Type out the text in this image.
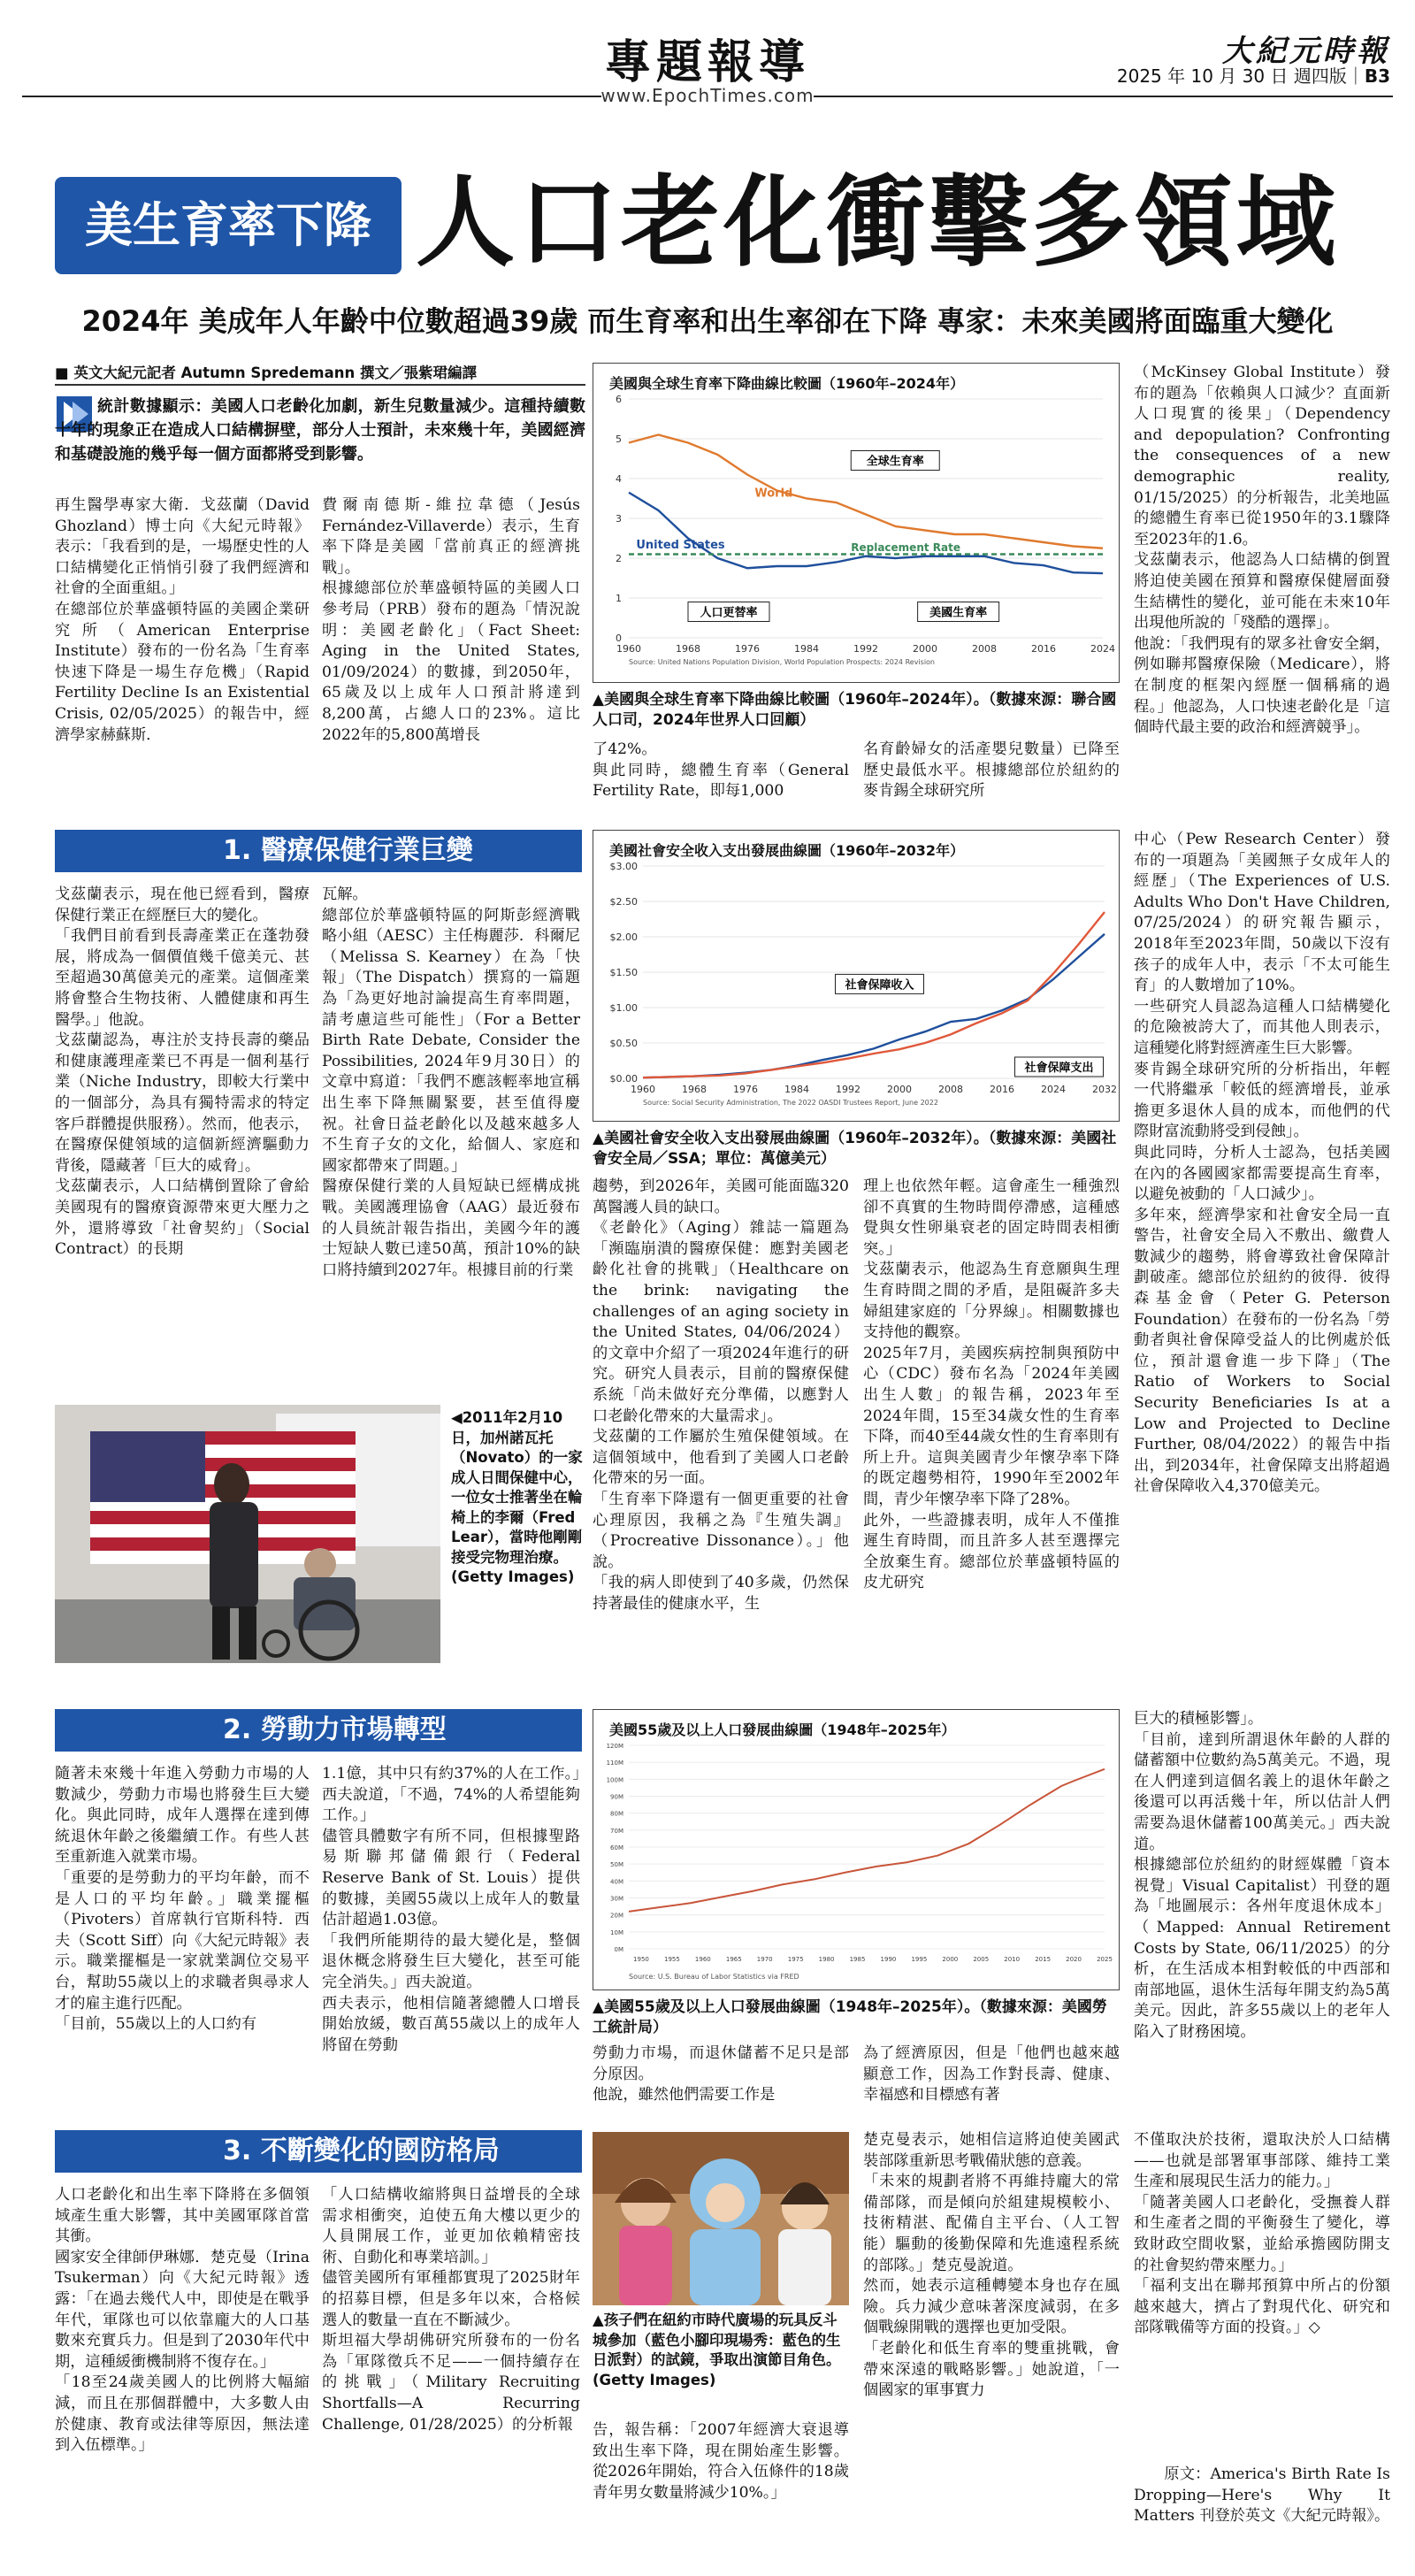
專題報導
www.EpochTimes.com
大紀元時報
2025 年 10 月 30 日 週四版｜B3
美生育率下降 人口老化衝擊多領域
2024年 美成年人年齡中位數超過39歲 而生育率和出生率卻在下降 專家：未來美國將面臨重大變化
■ 英文大紀元記者 Autumn Spredemann 撰文／張紫珺編譯
統計數據顯示：美國人口老齡化加劇，新生兒數量減少。這種持續數十年的現象正在造成人口結構摒壁，部分人士預計，未來幾十年，美國經濟和基礎設施的幾乎每一個方面都將受到影響。
再生醫學專家大衛．戈茲蘭（David Ghozland）博士向《大紀元時報》表示：「我看到的是，一場歷史性的人口結構變化正悄悄引發了我們經濟和社會的全面重組。」
在總部位於華盛頓特區的美國企業研究所（American Enterprise Institute）發布的一份名為「生育率快速下降是一場生存危機」（Rapid Fertility Decline Is an Existential Crisis, 02/05/2025）的報告中，經濟學家赫蘇斯．
費爾南德斯-維拉韋德（Jesús Fernández-Villaverde）表示，生育率下降是美國「當前真正的經濟挑戰」。
根據總部位於華盛頓特區的美國人口參考局（PRB）發布的題為「情況說明：美國老齡化」（Fact Sheet: Aging in the United States, 01/09/2024）的數據，到2050年，65歲及以上成年人口預計將達到8,200萬，占總人口的23%。這比2022年的5,800萬增長
美國與全球生育率下降曲線比較圖（1960年–2024年）
0
1
2
3
4
5
6
1960	1968	1976	1984	1992	2000	2008	2016	2024
World
United States	Replacement Rate
全球生育率
人口更替率	美國生育率
Source: United Nations Population Division, World Population Prospects: 2024 Revision
▲美國與全球生育率下降曲線比較圖（1960年–2024年）。（數據來源：聯合國人口司，2024年世界人口回顧）
了42%。
與此同時，總體生育率（General Fertility Rate，即每1,000
名育齡婦女的活產嬰兒數量）已降至歷史最低水平。根據總部位於紐約的麥肯錫全球研究所
（McKinsey Global Institute）發布的題為「依賴與人口減少？直面新人口現實的後果」（Dependency and depopulation? Confronting the consequences of a new demographic reality, 01/15/2025）的分析報告，北美地區的總體生育率已從1950年的3.1驟降至2023年的1.6。
戈茲蘭表示，他認為人口結構的倒置將迫使美國在預算和醫療保健層面發生結構性的變化，並可能在未來10年出現他所說的「殘酷的選擇」。
他說：「我們現有的眾多社會安全網，例如聯邦醫療保險（Medicare），將在制度的框架內經歷一個稱痛的過程。」他認為，人口快速老齡化是「這個時代最主要的政治和經濟競爭」。
1. 醫療保健行業巨變
戈茲蘭表示，現在他已經看到，醫療保健行業正在經歷巨大的變化。
「我們目前看到長壽產業正在蓬勃發展，將成為一個價值幾千億美元、甚至超過30萬億美元的產業。這個產業將會整合生物技術、人體健康和再生醫學。」他說。
戈茲蘭認為，專注於支持長壽的藥品和健康護理產業已不再是一個利基行業（Niche Industry，即較大行業中的一個部分，為具有獨特需求的特定客戶群體提供服務）。然而，他表示，在醫療保健領域的這個新經濟驅動力背後，隱藏著「巨大的威脅」。
戈茲蘭表示，人口結構倒置除了會給美國現有的醫療資源帶來更大壓力之外，還將導致「社會契約」（Social Contract）的長期
瓦解。
總部位於華盛頓特區的阿斯彭經濟戰略小組（AESC）主任梅麗莎．科爾尼（Melissa S. Kearney）在為「快報」（The Dispatch）撰寫的一篇題為「為更好地討論提高生育率問題，請考慮這些可能性」（For a Better Birth Rate Debate, Consider the Possibilities, 2024年9月30日）的文章中寫道：「我們不應該輕率地宣稱出生率下降無關緊要，甚至值得慶祝。社會日益老齡化以及越來越多人不生育子女的文化，給個人、家庭和國家都帶來了問題。」
醫療保健行業的人員短缺已經構成挑戰。美國護理協會（AAG）最近發布的人員統計報告指出，美國今年的護士短缺人數已達50萬，預計10%的缺口將持續到2027年。根據目前的行業
美國社會安全收入支出發展曲線圖（1960年–2032年）
$0.00
$0.50
$1.00
$1.50
$2.00
$2.50
$3.00
1960	1968	1976	1984	1992	2000	2008	2016	2024	2032
社會保障收入
社會保障支出
Source: Social Security Administration, The 2022 OASDI Trustees Report, June 2022
▲美國社會安全收入支出發展曲線圖（1960年–2032年）。（數據來源：美國社會安全局／SSA；單位：萬億美元）
趨勢，到2026年，美國可能面臨320萬醫護人員的缺口。
《老齡化》（Aging）雜誌一篇題為「瀕臨崩潰的醫療保健：應對美國老齡化社會的挑戰」（Healthcare on the brink: navigating the challenges of an aging society in the United States, 04/06/2024）的文章中介紹了一項2024年進行的研究。研究人員表示，目前的醫療保健系統「尚未做好充分準備，以應對人口老齡化帶來的大量需求」。
戈茲蘭的工作屬於生殖保健領域。在這個領域中，他看到了美國人口老齡化帶來的另一面。
「生育率下降還有一個更重要的社會心理原因，我稱之為『生殖失調』（Procreative Dissonance）。」他說。
「我的病人即使到了40多歲，仍然保持著最佳的健康水平，生
理上也依然年輕。這會產生一種強烈卻不真實的生物時間停滯感，這種感覺與女性卵巢衰老的固定時間表相衝突。」
戈茲蘭表示，他認為生育意願與生理生育時間之間的矛盾，是阻礙許多夫婦組建家庭的「分界線」。相關數據也支持他的觀察。
2025年7月，美國疾病控制與預防中心（CDC）發布名為「2024年美國出生人數」的報告稱，2023年至2024年間，15至34歲女性的生育率下降，而40至44歲女性的生育率則有所上升。這與美國青少年懷孕率下降的既定趨勢相符，1990年至2002年間，青少年懷孕率下降了28%。
此外，一些證據表明，成年人不僅推遲生育時間，而且許多人甚至選擇完全放棄生育。總部位於華盛頓特區的皮尤研究
中心（Pew Research Center）發布的一項題為「美國無子女成年人的經歷」（The Experiences of U.S. Adults Who Don't Have Children, 07/25/2024）的研究報告顯示，2018年至2023年間，50歲以下沒有孩子的成年人中，表示「不太可能生育」的人數增加了10%。
一些研究人員認為這種人口結構變化的危險被誇大了，而其他人則表示，這種變化將對經濟產生巨大影響。
麥肯錫全球研究所的分析指出，年輕一代將繼承「較低的經濟增長，並承擔更多退休人員的成本，而他們的代際財富流動將受到侵蝕」。
與此同時，分析人士認為，包括美國在內的各國國家都需要提高生育率，以避免被動的「人口減少」。
多年來，經濟學家和社會安全局一直警告，社會安全局入不敷出、繳費人數減少的趨勢，將會導致社會保障計劃破產。總部位於紐約的彼得．彼得森基金會（Peter G. Peterson Foundation）在發布的一份名為「勞動者與社會保障受益人的比例處於低位，預計還會進一步下降」（The Ratio of Workers to Social Security Beneficiaries Is at a Low and Projected to Decline Further, 08/04/2022）的報告中指出，到2034年，社會保障支出將超過社會保障收入4,370億美元。
◀2011年2月10日，加州諾瓦托（Novato）的一家成人日間保健中心，一位女士推著坐在輪椅上的李爾（Fred Lear），當時他剛剛接受完物理治療。(Getty Images)
2. 勞動力市場轉型
隨著未來幾十年進入勞動力市場的人數減少，勞動力市場也將發生巨大變化。與此同時，成年人選擇在達到傳統退休年齡之後繼續工作。有些人甚至重新進入就業市場。
「重要的是勞動力的平均年齡，而不是人口的平均年齡。」職業擺樞（Pivoters）首席執行官斯科特．西夫（Scott Siff）向《大紀元時報》表示。職業擺樞是一家就業調位交易平台，幫助55歲以上的求職者與尋求人才的雇主進行匹配。
「目前，55歲以上的人口約有
1.1億，其中只有約37%的人在工作。」西夫說道，「不過，74%的人希望能夠工作。」
儘管具體數字有所不同，但根據聖路易斯聯邦儲備銀行（Federal Reserve Bank of St. Louis）提供的數據，美國55歲以上成年人的數量估計超過1.03億。
「我們所能期待的最大變化是，整個退休概念將發生巨大變化，甚至可能完全消失。」西夫說道。
西夫表示，他相信隨著總體人口增長開始放緩，數百萬55歲以上的成年人將留在勞動
美國55歲及以上人口發展曲線圖（1948年–2025年）
0M
10M
20M
30M
40M
50M
60M
70M
80M
90M
100M
110M
120M
1950 1955 1960 1965 1970 1975 1980 1985 1990 1995 2000 2005 2010 2015 2020 2025
Source: U.S. Bureau of Labor Statistics via FRED
▲美國55歲及以上人口發展曲線圖（1948年–2025年）。（數據來源：美國勞工統計局）
勞動力市場，而退休儲蓄不足只是部分原因。
他說，雖然他們需要工作是
為了經濟原因，但是「他們也越來越顯意工作，因為工作對長壽、健康、幸福感和目標感有著
巨大的積極影響」。
「目前，達到所謂退休年齡的人群的儲蓄額中位數約為5萬美元。不過，現在人們達到這個名義上的退休年齡之後還可以再活幾十年，所以估計人們需要為退休儲蓄100萬美元。」西夫說道。
根據總部位於紐約的財經媒體「資本視覺」Visual Capitalist）刊登的題為「地圖展示：各州年度退休成本」（Mapped: Annual Retirement Costs by State, 06/11/2025）的分析，在生活成本相對較低的中西部和南部地區，退休生活每年開支約為5萬美元。因此，許多55歲以上的老年人陷入了財務困境。
3. 不斷變化的國防格局
人口老齡化和出生率下降將在多個領域產生重大影響，其中美國軍隊首當其衝。
國家安全律師伊琳娜．楚克曼（Irina Tsukerman）向《大紀元時報》透露：「在過去幾代人中，即使是在戰爭年代，軍隊也可以依靠龐大的人口基數來充實兵力。但是到了2030年代中期，這種緩衝機制將不復存在。」
「18至24歲美國人的比例將大幅縮減，而且在那個群體中，大多數人由於健康、教育或法律等原因，無法達到入伍標準。」
「人口結構收縮將與日益增長的全球需求相衝突，迫使五角大樓以更少的人員開展工作，並更加依賴精密技術、自動化和專業培訓。」
儘管美國所有軍種都實現了2025財年的招募目標，但是多年以來，合格候選人的數量一直在不斷減少。
斯坦福大學胡佛研究所發布的一份名為「軍隊徵兵不足——一個持續存在的挑戰」（Military Recruiting Shortfalls—A Recurring Challenge, 01/28/2025）的分析報
▲孩子們在紐約市時代廣場的玩具反斗城參加（藍色小腳印現場秀：藍色的生日派對）的試鏡，爭取出演節目角色。(Getty Images)
告，報告稱：「2007年經濟大衰退導致出生率下降，現在開始產生影響。從2026年開始，符合入伍條件的18歲青年男女數量將減少10%。」
楚克曼表示，她相信這將迫使美國武裝部隊重新思考戰備狀態的意義。
「未來的規劃者將不再維持龐大的常備部隊，而是傾向於組建規模較小、技術精湛、配備自主平台、（人工智能）驅動的後勤保障和先進遠程系統的部隊。」楚克曼說道。
然而，她表示這種轉變本身也存在風險。兵力減少意味著深度減弱，在多個戰線開戰的選擇也更加受限。
「老齡化和低生育率的雙重挑戰，會帶來深遠的戰略影響。」她說道，「一個國家的軍事實力
不僅取決於技術，還取決於人口結構——也就是部署軍事部隊、維持工業生產和展現民生活力的能力。」
「隨著美國人口老齡化，受撫養人群和生產者之間的平衡發生了變化，導致財政空間收緊，並給承擔國防開支的社會契約帶來壓力。」
「福利支出在聯邦預算中所占的份額越來越大，擠占了對現代化、研究和部隊戰備等方面的投資。」◇
原文：America's Birth Rate Is Dropping—Here's Why It Matters 刊登於英文《大紀元時報》。
